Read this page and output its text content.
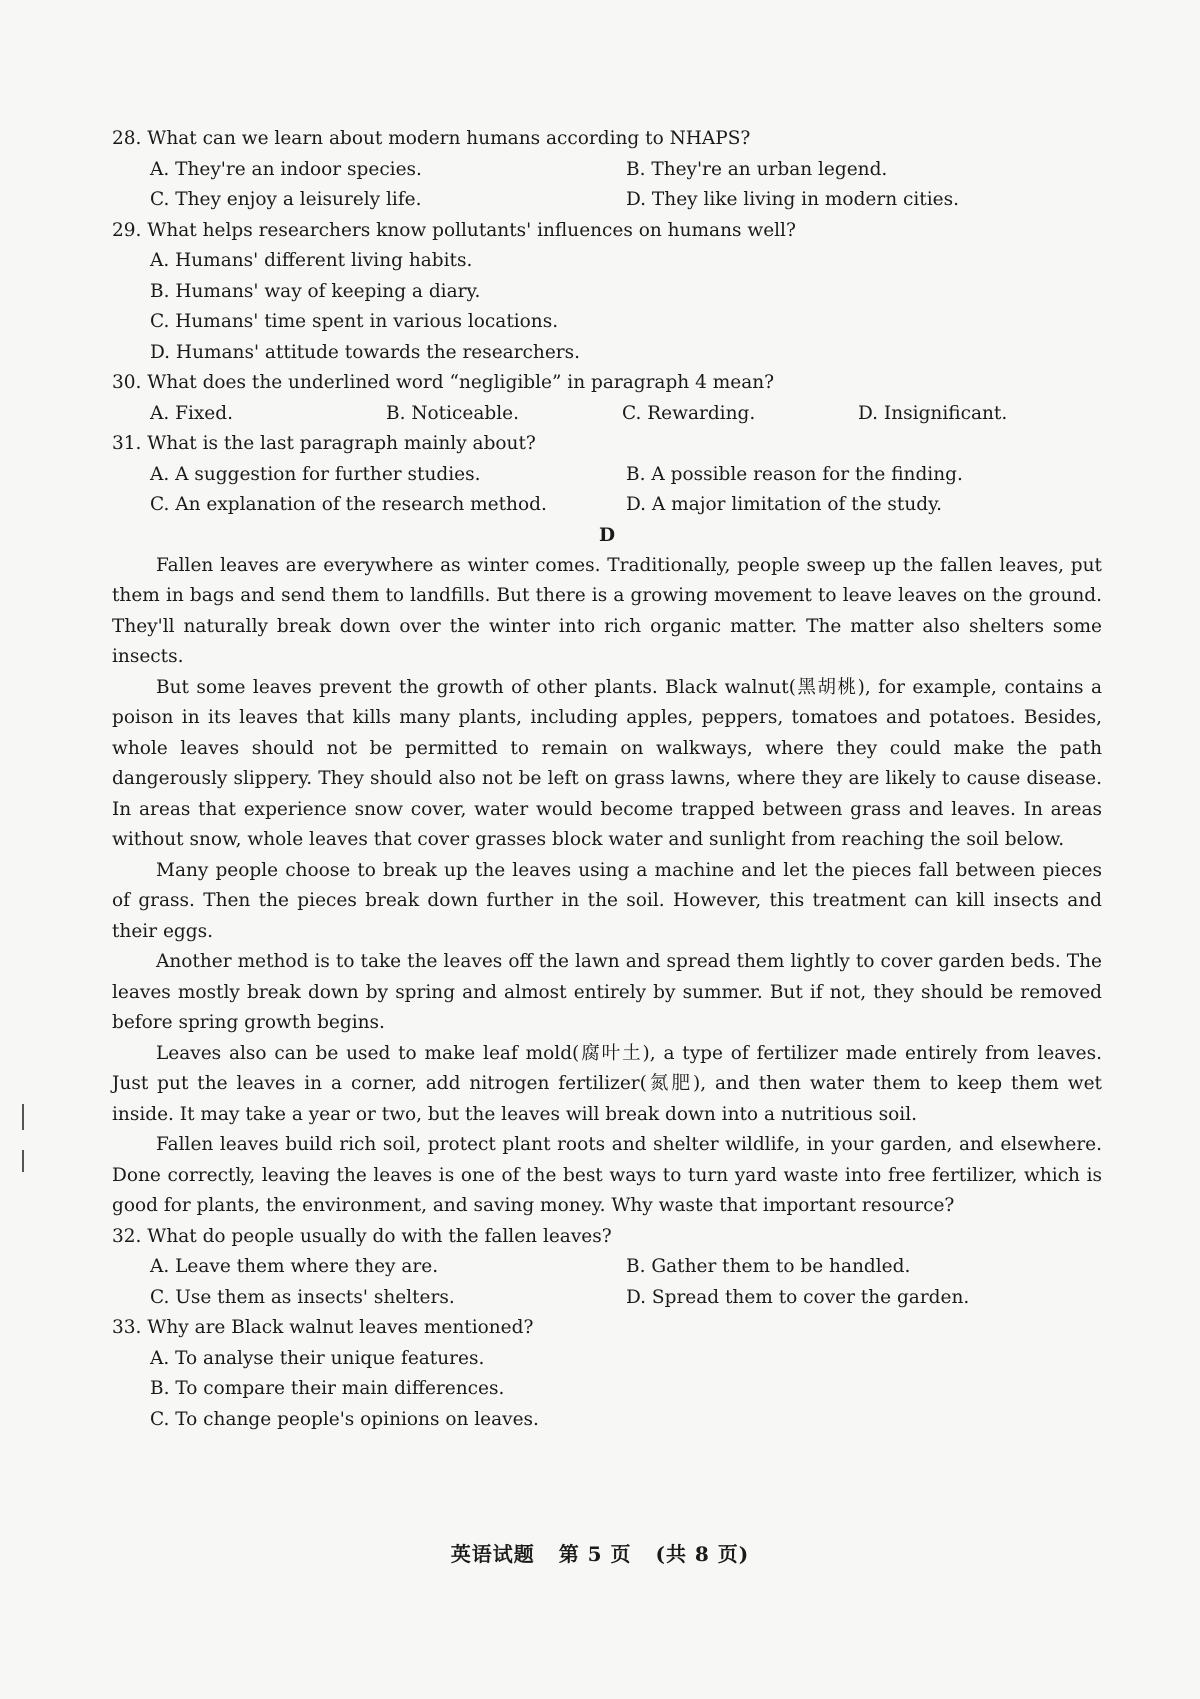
28. What can we learn about modern humans according to NHAPS?

A. They're an indoor species.	B. They're an urban legend.
C. They enjoy a leisurely life.	D. They like living in modern cities.

29. What helps researchers know pollutants' influences on humans well?

A. Humans' different living habits.
B. Humans' way of keeping a diary.
C. Humans' time spent in various locations.
D. Humans' attitude towards the researchers.

30. What does the underlined word “negligible” in paragraph 4 mean?

A. Fixed.	B. Noticeable.	C. Rewarding.	D. Insignificant.

31. What is the last paragraph mainly about?

A. A suggestion for further studies.	B. A possible reason for the finding.
C. An explanation of the research method.	D. A major limitation of the study.
D

Fallen leaves are everywhere as winter comes. Traditionally, people sweep up the fallen leaves, put them in bags and send them to landfills. But there is a growing movement to leave leaves on the ground. They'll naturally break down over the winter into rich organic matter. The matter also shelters some insects.

But some leaves prevent the growth of other plants. Black walnut(黑胡桃), for example, contains a poison in its leaves that kills many plants, including apples, peppers, tomatoes and potatoes. Besides, whole leaves should not be permitted to remain on walkways, where they could make the path dangerously slippery. They should also not be left on grass lawns, where they are likely to cause disease. In areas that experience snow cover, water would become trapped between grass and leaves. In areas without snow, whole leaves that cover grasses block water and sunlight from reaching the soil below.

Many people choose to break up the leaves using a machine and let the pieces fall between pieces of grass. Then the pieces break down further in the soil. However, this treatment can kill insects and their eggs.

Another method is to take the leaves off the lawn and spread them lightly to cover garden beds. The leaves mostly break down by spring and almost entirely by summer. But if not, they should be removed before spring growth begins.

Leaves also can be used to make leaf mold(腐叶土), a type of fertilizer made entirely from leaves. Just put the leaves in a corner, add nitrogen fertilizer(氮肥), and then water them to keep them wet inside. It may take a year or two, but the leaves will break down into a nutritious soil.

Fallen leaves build rich soil, protect plant roots and shelter wildlife, in your garden, and elsewhere. Done correctly, leaving the leaves is one of the best ways to turn yard waste into free fertilizer, which is good for plants, the environment, and saving money. Why waste that important resource?

32. What do people usually do with the fallen leaves?

A. Leave them where they are.	B. Gather them to be handled.
C. Use them as insects' shelters.	D. Spread them to cover the garden.

33. Why are Black walnut leaves mentioned?

A. To analyse their unique features.
B. To compare their main differences.
C. To change people's opinions on leaves.
英语试题 第 5 页 (共 8 页)
